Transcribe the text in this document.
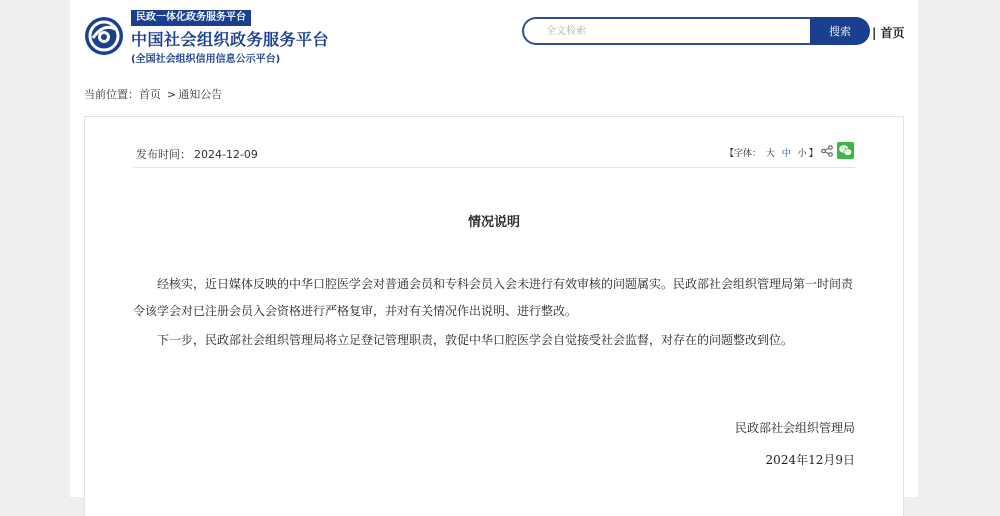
民政一体化政务服务平台
中国社会组织政务服务平台
(全国社会组织信用信息公示平台)
全文检索
搜索	| 首页
当前位置：首页 > 通知公告
发布时间： 2024-12-09	【字体： 大 中 小 】
情况说明

经核实，近日媒体反映的中华口腔医学会对普通会员和专科会员入会未进行有效审核的问题属实。民政部社会组织管理局第一时间责令该学会对已注册会员入会资格进行严格复审，并对有关情况作出说明、进行整改。

下一步，民政部社会组织管理局将立足登记管理职责，敦促中华口腔医学会自觉接受社会监督，对存在的问题整改到位。

民政部社会组织管理局
2024年12月9日
